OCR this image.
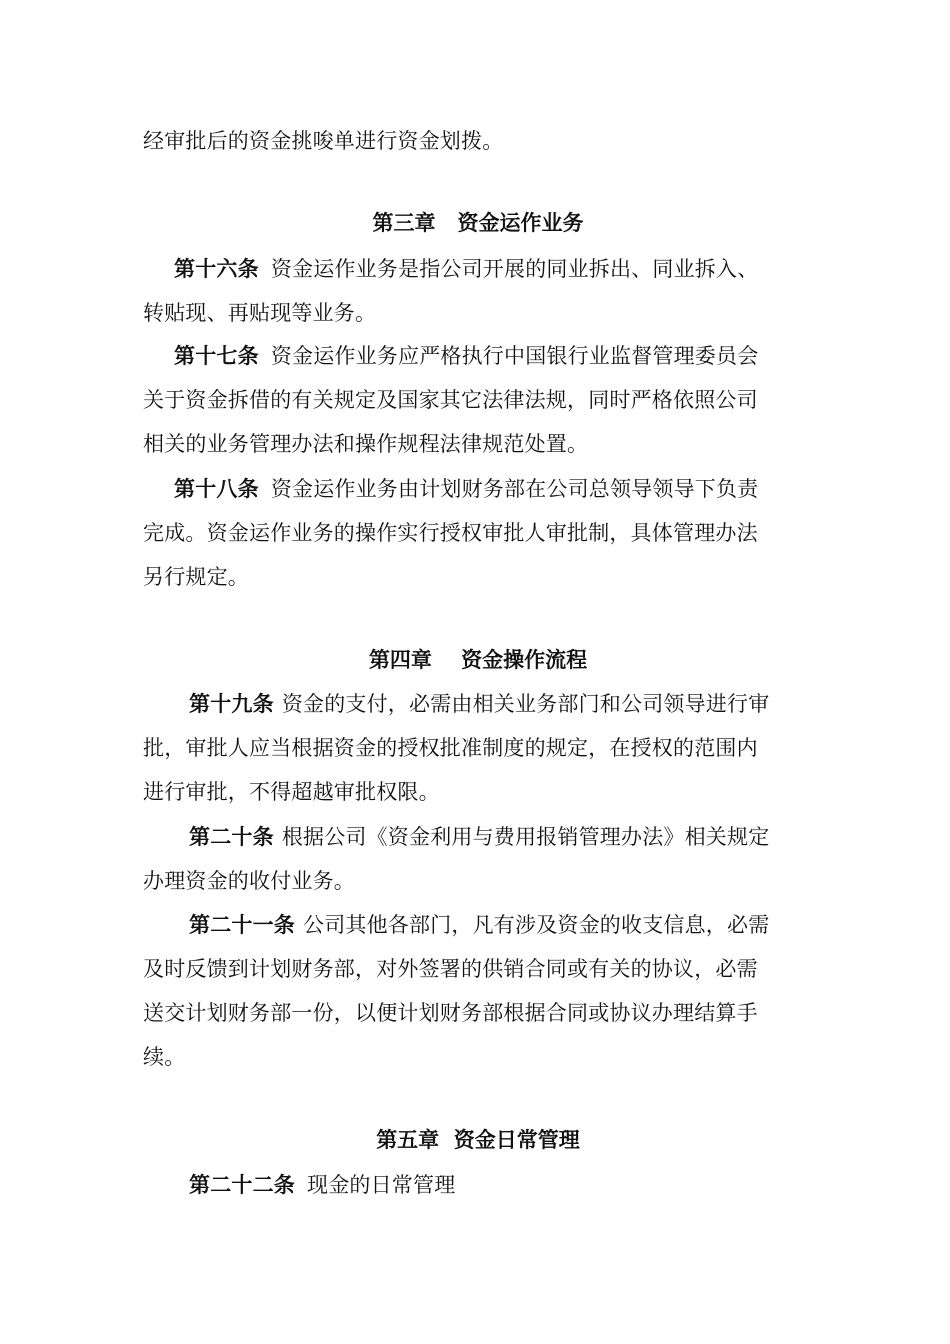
经审批后的资金挑唆单进行资金划拨。
第三章   资金运作业务
第十六条 资金运作业务是指公司开展的同业拆出、同业拆入、
转贴现、再贴现等业务。
第十七条 资金运作业务应严格执行中国银行业监督管理委员会
关于资金拆借的有关规定及国家其它法律法规，同时严格依照公司
相关的业务管理办法和操作规程法律规范处置。
第十八条 资金运作业务由计划财务部在公司总领导领导下负责
完成。资金运作业务的操作实行授权审批人审批制，具体管理办法
另行规定。
第四章    资金操作流程
第十九条 资金的支付，必需由相关业务部门和公司领导进行审
批，审批人应当根据资金的授权批准制度的规定，在授权的范围内
进行审批，不得超越审批权限。
第二十条 根据公司《资金利用与费用报销管理办法》相关规定
办理资金的收付业务。
第二十一条 公司其他各部门，凡有涉及资金的收支信息，必需
及时反馈到计划财务部，对外签署的供销合同或有关的协议，必需
送交计划财务部一份，以便计划财务部根据合同或协议办理结算手
续。
第五章  资金日常管理
第二十二条 现金的日常管理
